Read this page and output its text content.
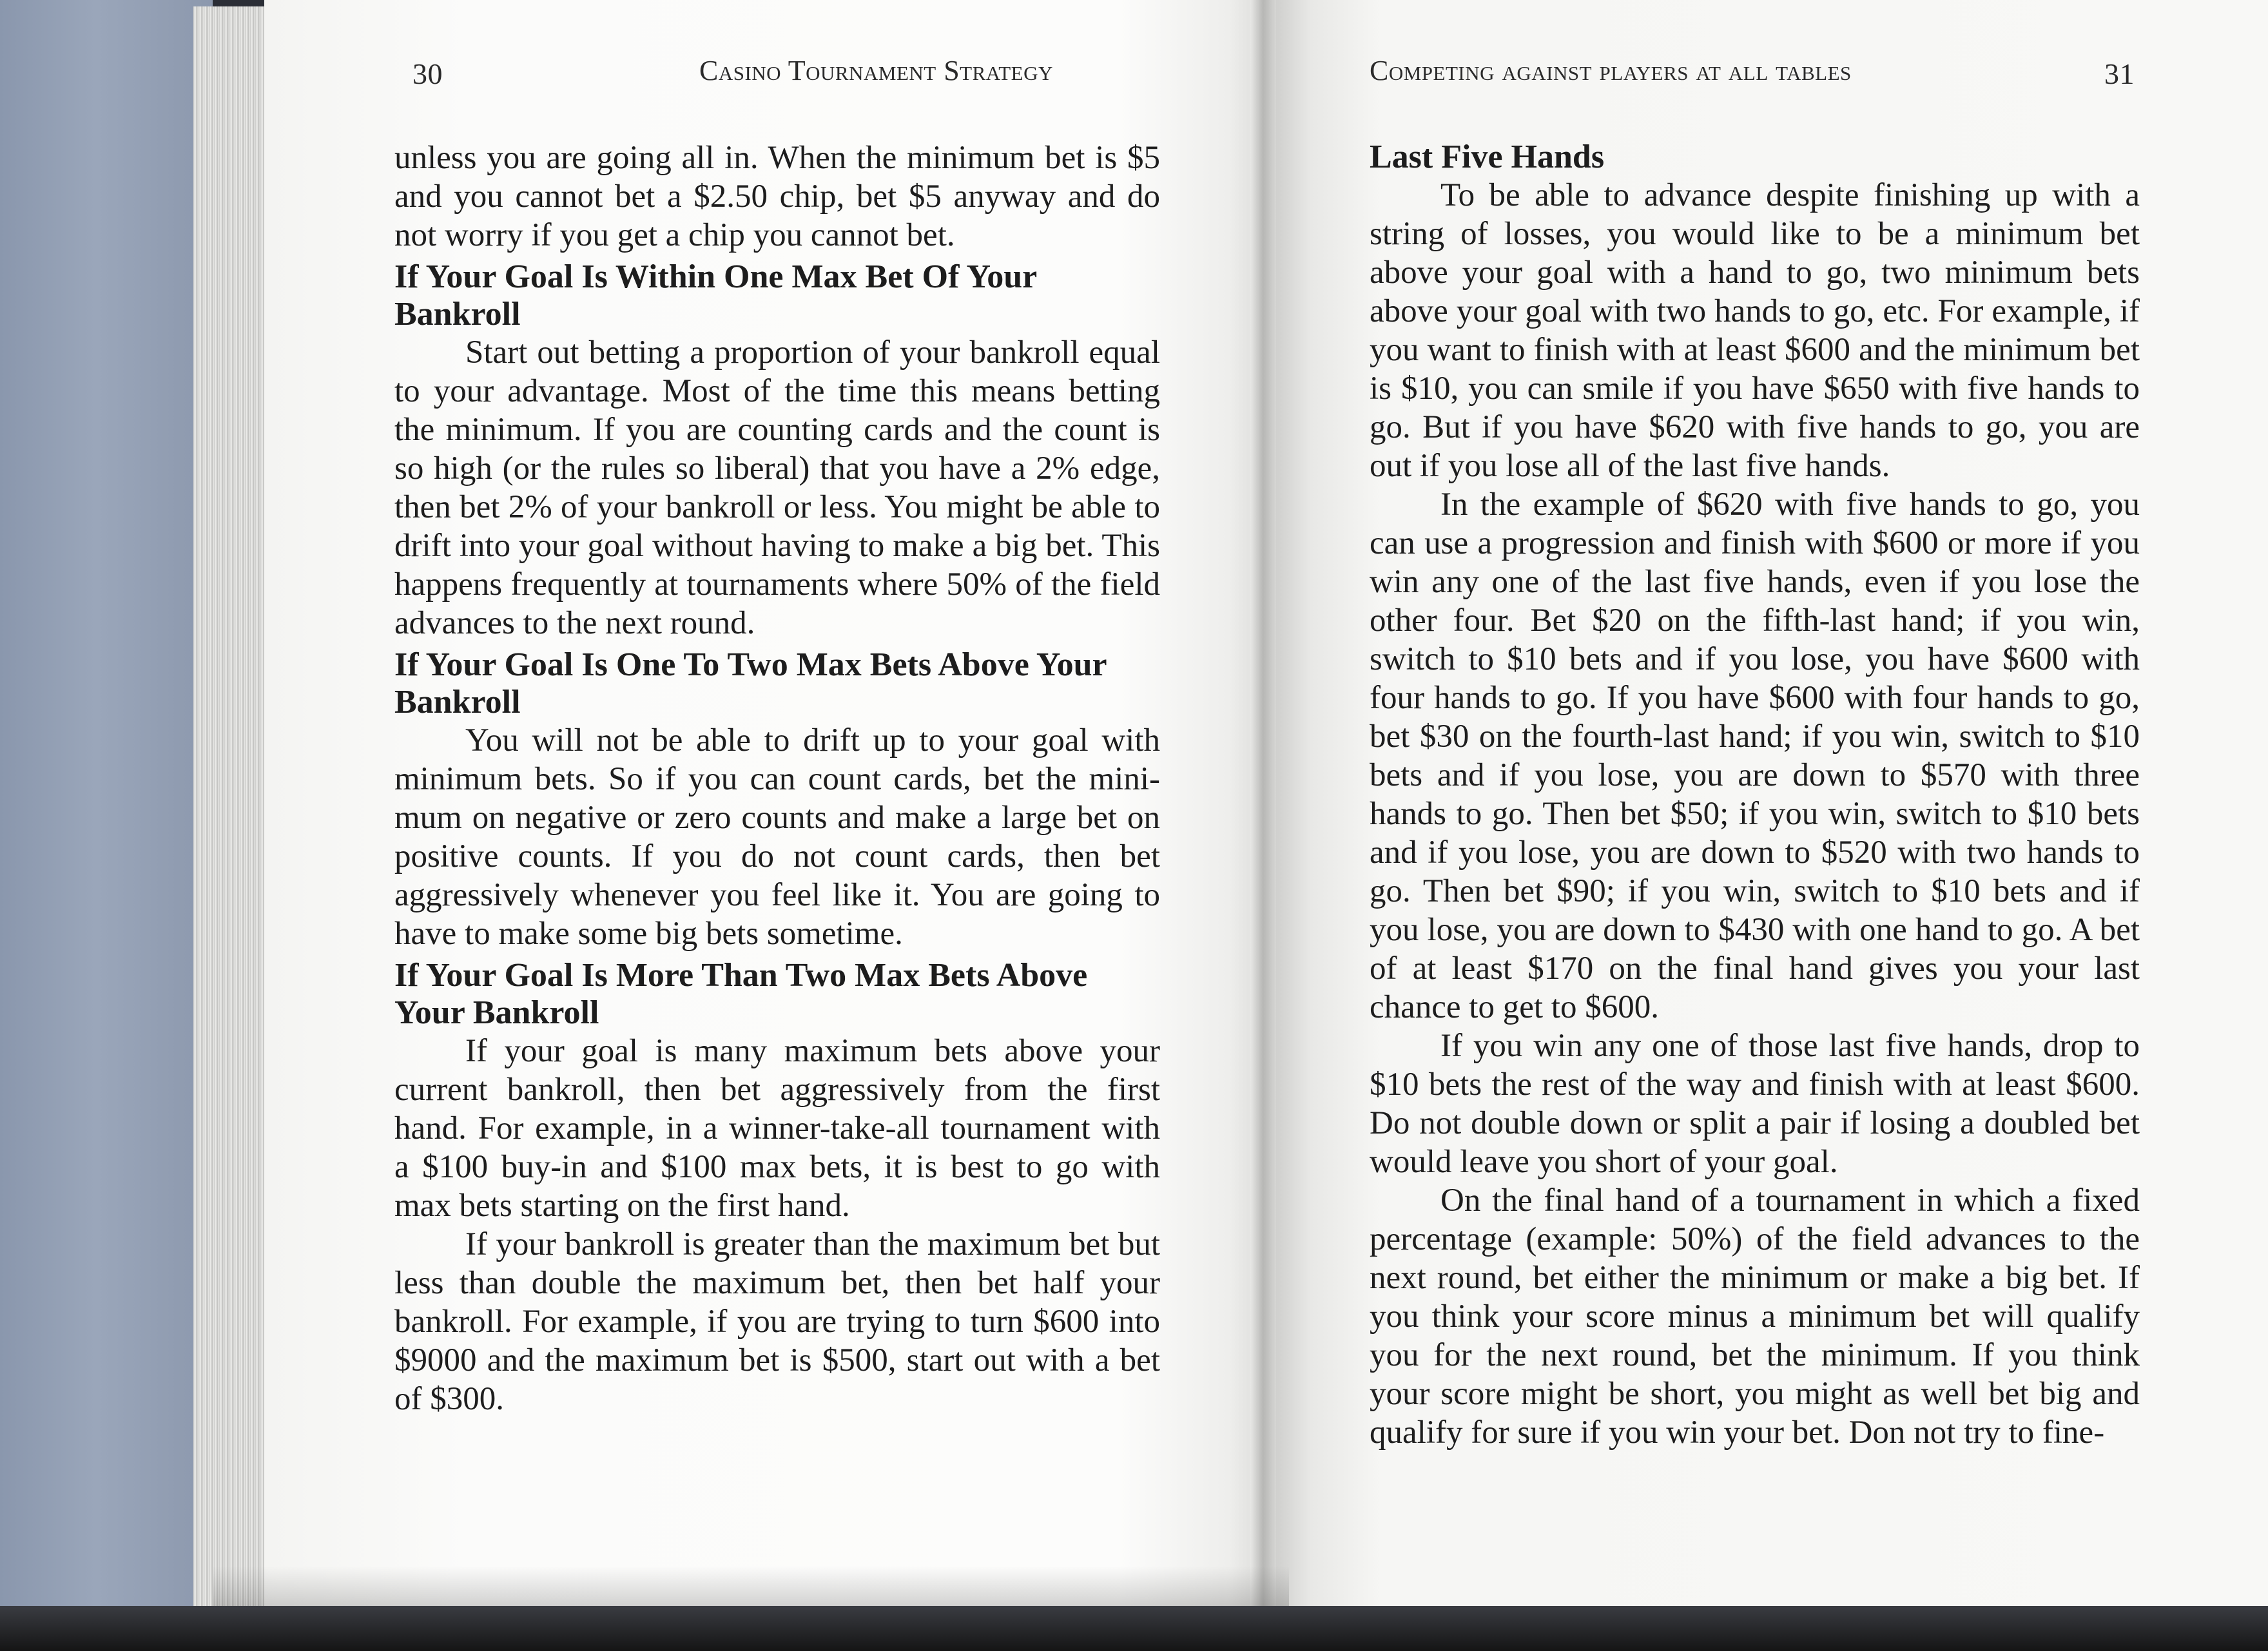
30	Casino Tournament Strategy

unless you are going all in. When the minimum bet is $5 and you cannot bet a $2.50 chip, bet $5 anyway and do not worry if you get a chip you cannot bet.

If Your Goal Is Within One Max Bet Of Your Bankroll

Start out betting a proportion of your bankroll equal to your advantage. Most of the time this means betting the minimum. If you are counting cards and the count is so high (or the rules so liberal) that you have a 2% edge, then bet 2% of your bankroll or less. You might be able to drift into your goal without having to make a big bet. This happens frequently at tournaments where 50% of the field advances to the next round.

If Your Goal Is One To Two Max Bets Above Your Bankroll

You will not be able to drift up to your goal with minimum bets. So if you can count cards, bet the mini-mum on negative or zero counts and make a large bet on positive counts. If you do not count cards, then bet aggressively whenever you feel like it. You are going to have to make some big bets sometime.

If Your Goal Is More Than Two Max Bets Above Your Bankroll

If your goal is many maximum bets above your current bankroll, then bet aggressively from the first hand. For example, in a winner-take-all tournament with a $100 buy-in and $100 max bets, it is best to go with max bets starting on the first hand.

If your bankroll is greater than the maximum bet but less than double the maximum bet, then bet half your bankroll. For example, if you are trying to turn $600 into $9000 and the maximum bet is $500, start out with a bet of $300.

Competing against players at all tables	31
Last Five Hands

To be able to advance despite finishing up with a string of losses, you would like to be a minimum bet above your goal with a hand to go, two minimum bets above your goal with two hands to go, etc. For example, if you want to finish with at least $600 and the minimum bet is $10, you can smile if you have $650 with five hands to go. But if you have $620 with five hands to go, you are out if you lose all of the last five hands.

In the example of $620 with five hands to go, you can use a progression and finish with $600 or more if you win any one of the last five hands, even if you lose the other four. Bet $20 on the fifth-last hand; if you win, switch to $10 bets and if you lose, you have $600 with four hands to go. If you have $600 with four hands to go, bet $30 on the fourth-last hand; if you win, switch to $10 bets and if you lose, you are down to $570 with three hands to go. Then bet $50; if you win, switch to $10 bets and if you lose, you are down to $520 with two hands to go. Then bet $90; if you win, switch to $10 bets and if you lose, you are down to $430 with one hand to go. A bet of at least $170 on the final hand gives you your last chance to get to $600.

If you win any one of those last five hands, drop to $10 bets the rest of the way and finish with at least $600. Do not double down or split a pair if losing a doubled bet would leave you short of your goal.

On the final hand of a tournament in which a fixed percentage (example: 50%) of the field advances to the next round, bet either the minimum or make a big bet. If you think your score minus a minimum bet will qualify you for the next round, bet the minimum. If you think your score might be short, you might as well bet big and qualify for sure if you win your bet. Don not try to fine-
